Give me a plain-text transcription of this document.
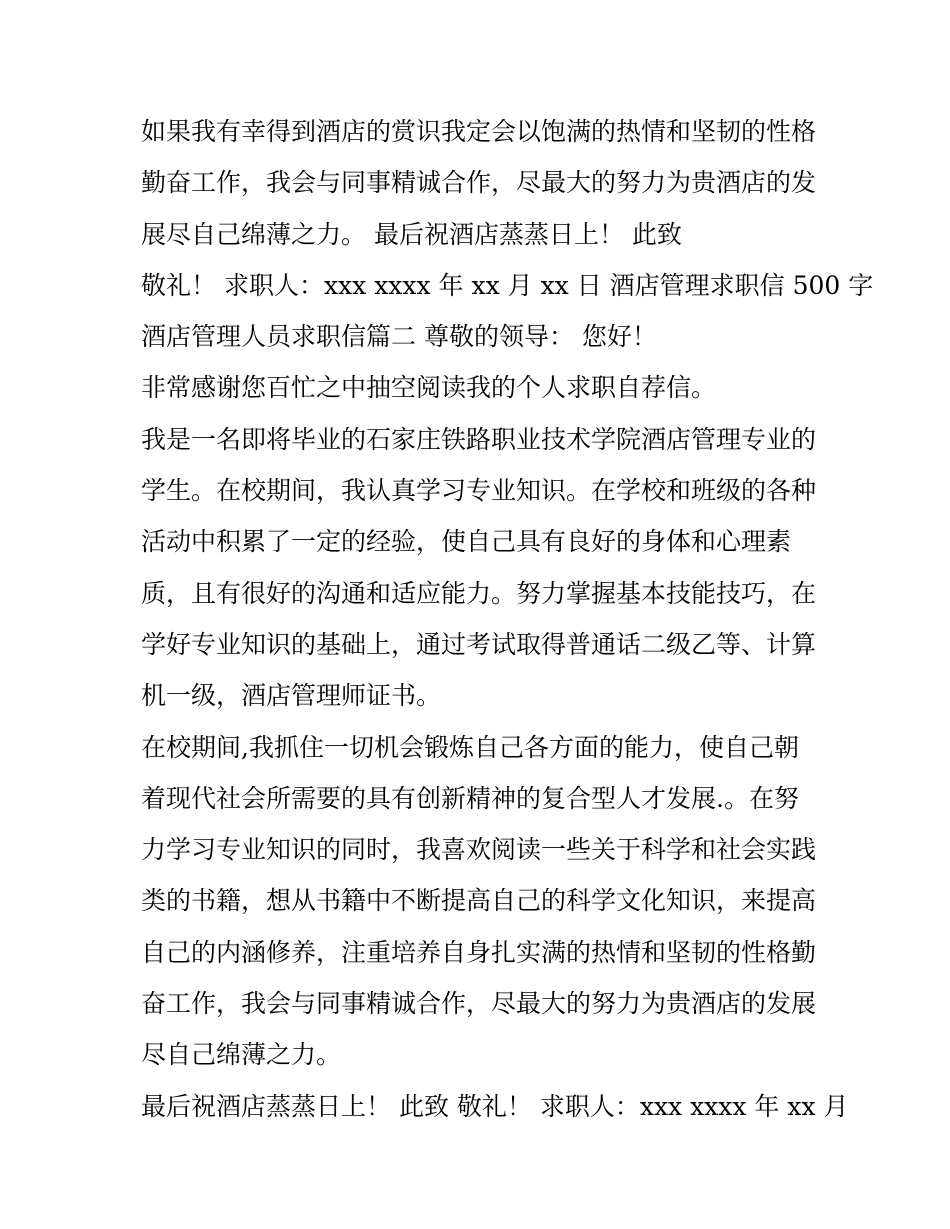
如果我有幸得到酒店的赏识我定会以饱满的热情和坚韧的性格
勤奋工作，我会与同事精诚合作，尽最大的努力为贵酒店的发
展尽自己绵薄之力。 最后祝酒店蒸蒸日上！ 此致
敬礼！ 求职人：xxx xxxx 年 xx 月 xx 日 酒店管理求职信 500 字
酒店管理人员求职信篇二 尊敬的领导： 您好！
非常感谢您百忙之中抽空阅读我的个人求职自荐信。
我是一名即将毕业的石家庄铁路职业技术学院酒店管理专业的
学生。在校期间，我认真学习专业知识。在学校和班级的各种
活动中积累了一定的经验，使自己具有良好的身体和心理素
质，且有很好的沟通和适应能力。努力掌握基本技能技巧，在
学好专业知识的基础上，通过考试取得普通话二级乙等、计算
机一级，酒店管理师证书。
在校期间,我抓住一切机会锻炼自己各方面的能力，使自己朝
着现代社会所需要的具有创新精神的复合型人才发展.。在努
力学习专业知识的同时，我喜欢阅读一些关于科学和社会实践
类的书籍，想从书籍中不断提高自己的科学文化知识，来提高
自己的内涵修养，注重培养自身扎实满的热情和坚韧的性格勤
奋工作，我会与同事精诚合作，尽最大的努力为贵酒店的发展
尽自己绵薄之力。
最后祝酒店蒸蒸日上！ 此致 敬礼！ 求职人：xxx xxxx 年 xx 月
